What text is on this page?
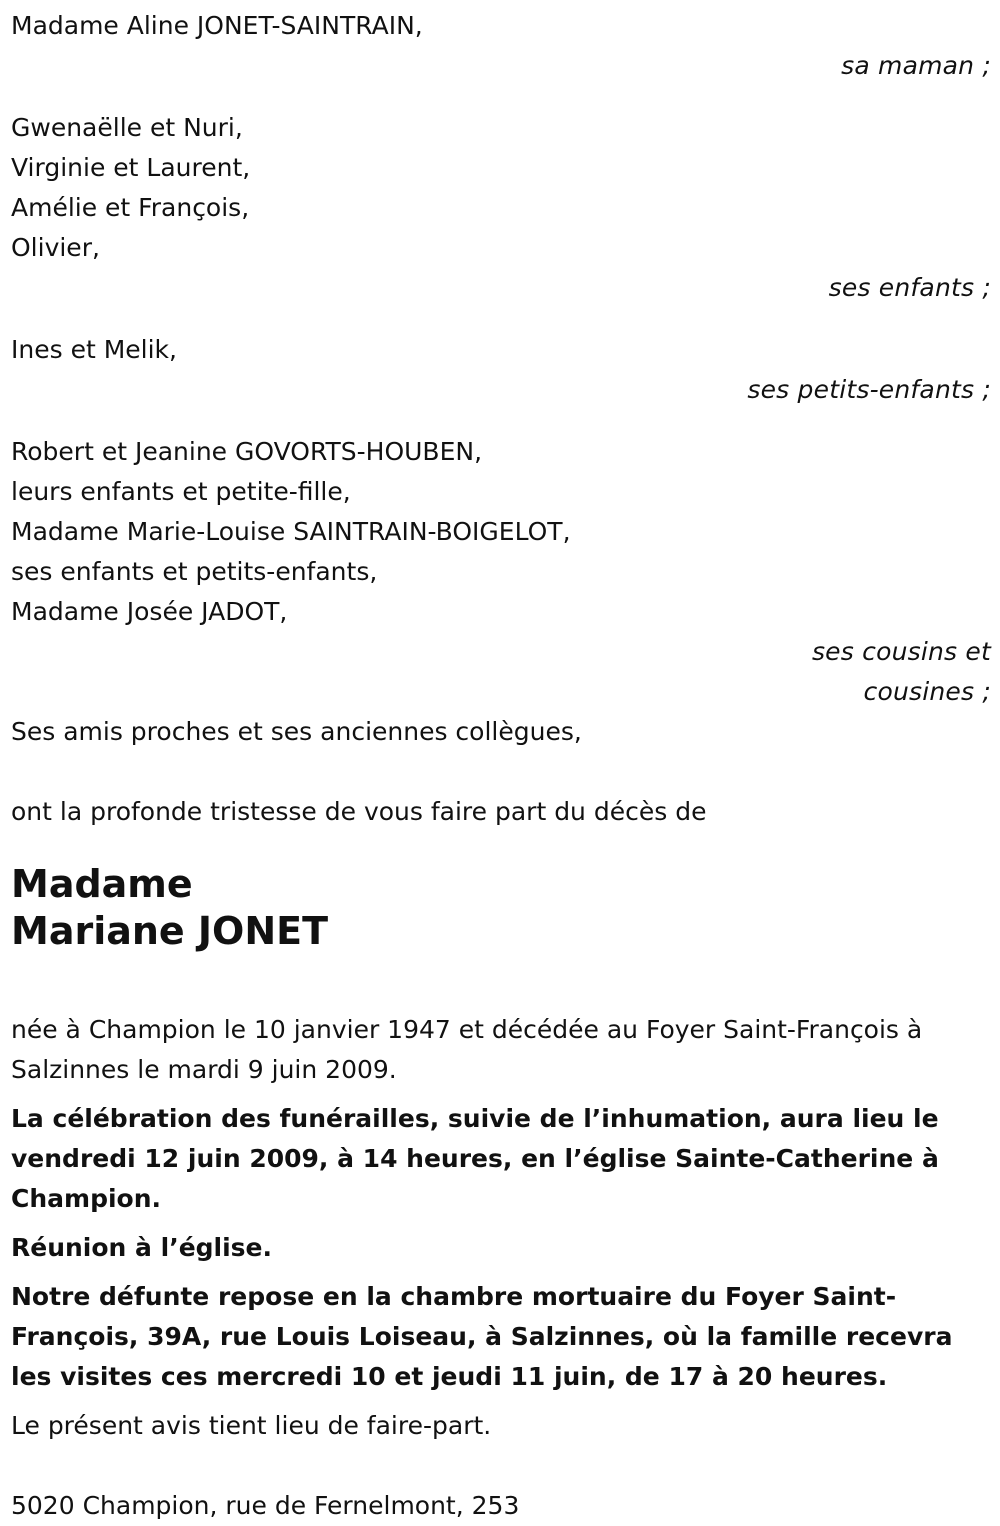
Madame Aline JONET-SAINTRAIN,
sa maman ;
Gwenaëlle et Nuri,
Virginie et Laurent,
Amélie et François,
Olivier,
ses enfants ;
Ines et Melik,
ses petits-enfants ;
Robert et Jeanine GOVORTS-HOUBEN,
leurs enfants et petite-fille,
Madame Marie-Louise SAINTRAIN-BOIGELOT,
ses enfants et petits-enfants,
Madame Josée JADOT,
ses cousins et
cousines ;
Ses amis proches et ses anciennes collègues,
ont la profonde tristesse de vous faire part du décès de
Madame
Mariane JONET
née à Champion le 10 janvier 1947 et décédée au Foyer Saint-François à Salzinnes le mardi 9 juin 2009.
La célébration des funérailles, suivie de l’inhumation, aura lieu le vendredi 12 juin 2009, à 14 heures, en l’église Sainte-Catherine à Champion.
Réunion à l’église.
Notre défunte repose en la chambre mortuaire du Foyer Saint-François, 39A, rue Louis Loiseau, à Salzinnes, où la famille recevra les visites ces mercredi 10 et jeudi 11 juin, de 17 à 20 heures.
Le présent avis tient lieu de faire-part.
5020 Champion, rue de Fernelmont, 253
